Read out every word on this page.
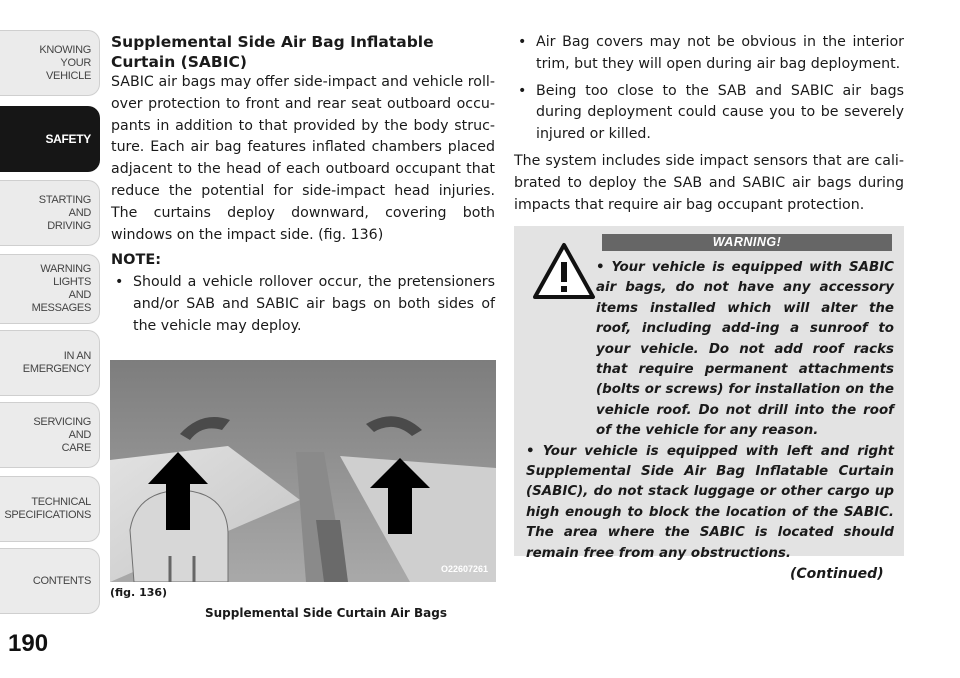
KNOWING
YOUR
VEHICLE
SAFETY
STARTING
AND
DRIVING
WARNING
LIGHTS
AND
MESSAGES
IN AN
EMERGENCY
SERVICING
AND
CARE
TECHNICAL
SPECIFICATIONS
CONTENTS
190

Supplemental Side Air Bag Inflatable Curtain (SABIC)

SABIC air bags may offer side-impact and vehicle roll-over protection to front and rear seat outboard occu-pants in addition to that provided by the body struc-ture. Each air bag features inflated chambers placed adjacent to the head of each outboard occupant that reduce the potential for side-impact head injuries. The curtains deploy downward, covering both windows on the impact side. (fig. 136)

NOTE:
• Should a vehicle rollover occur, the pretensioners and/or SAB and SABIC air bags on both sides of the vehicle may deploy.
O22607261
(fig. 136)
Supplemental Side Curtain Air Bags
• Air Bag covers may not be obvious in the interior trim, but they will open during air bag deployment.
• Being too close to the SAB and SABIC air bags during deployment could cause you to be severely injured or killed.

The system includes side impact sensors that are cali-brated to deploy the SAB and SABIC air bags during impacts that require air bag occupant protection.

WARNING!

• Your vehicle is equipped with SABIC air bags, do not have any accessory items installed which will alter the roof, including add-ing a sunroof to your vehicle. Do not add roof racks that require permanent attachments (bolts or screws) for installation on the vehicle roof. Do not drill into the roof of the vehicle for any reason.

• Your vehicle is equipped with left and right Supplemental Side Air Bag Inflatable Curtain (SABIC), do not stack luggage or other cargo up high enough to block the location of the SABIC. The area where the SABIC is located should remain free from any obstructions.

(Continued)
